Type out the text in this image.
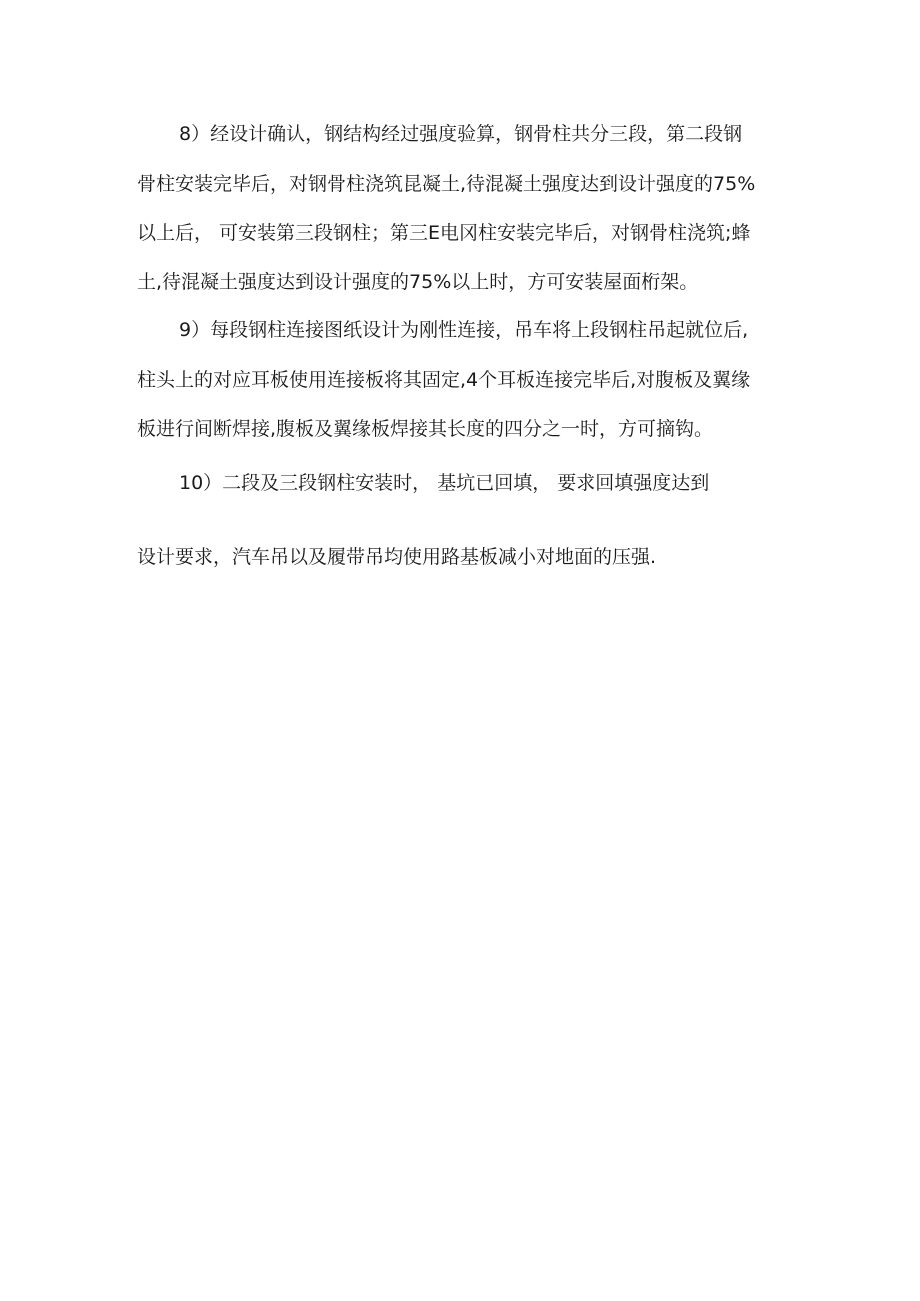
8）经设计确认，钢结构经过强度验算，钢骨柱共分三段，第二段钢

骨柱安装完毕后，对钢骨柱浇筑昆凝土,待混凝土强度达到设计强度的75%

以上后， 可安装第三段钢柱；第三E电冈柱安装完毕后，对钢骨柱浇筑;蜂

土,待混凝土强度达到设计强度的75%以上时，方可安装屋面桁架。

9）每段钢柱连接图纸设计为刚性连接，吊车将上段钢柱吊起就位后,

柱头上的对应耳板使用连接板将其固定,4个耳板连接完毕后,对腹板及翼缘

板进行间断焊接,腹板及翼缘板焊接其长度的四分之一时，方可摘钩。

10）二段及三段钢柱安装时， 基坑已回填， 要求回填强度达到

设计要求，汽车吊以及履带吊均使用路基板减小对地面的压强.
